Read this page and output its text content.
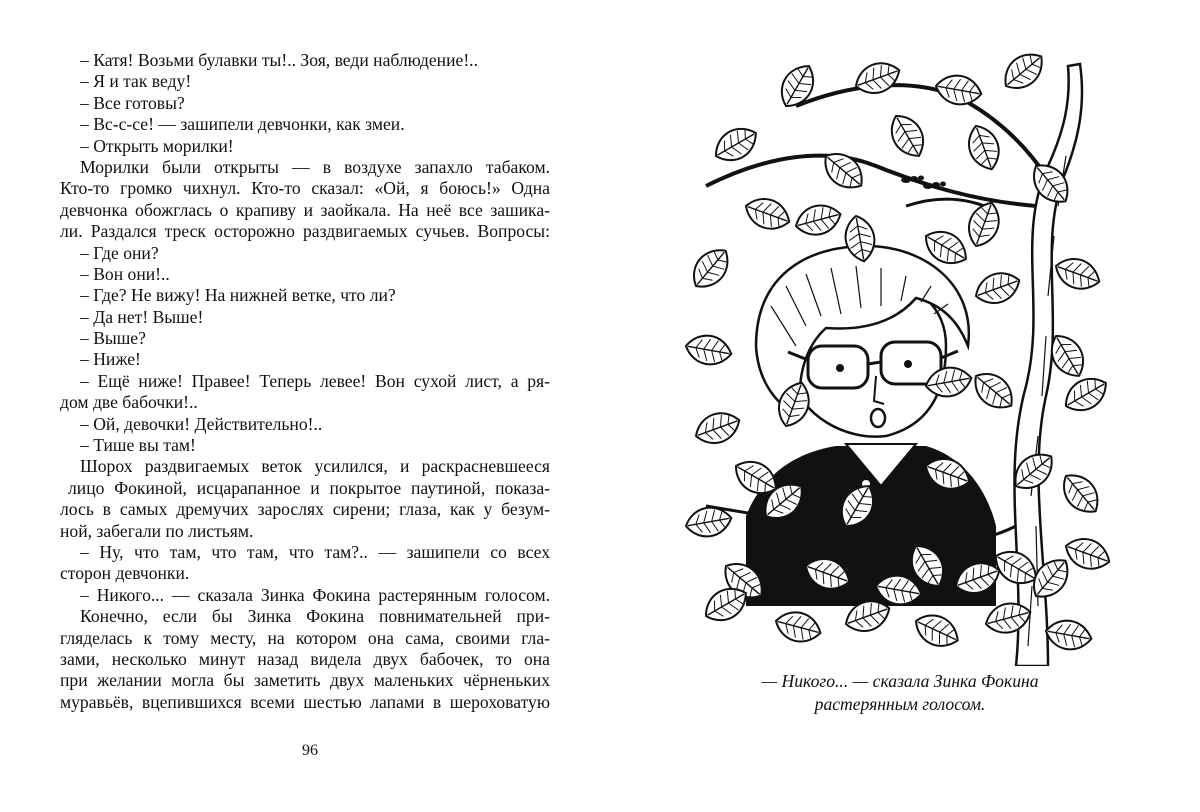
– Катя! Возьми булавки ты!.. Зоя, веди наблюдение!..
– Я и так веду!
– Все готовы?
– Вс-с-се! — зашипели девчонки, как змеи.
– Открыть морилки!
Морилки были открыты — в воздухе запахло табаком.
Кто-то громко чихнул. Кто-то сказал: «Ой, я боюсь!» Одна
девчонка обожглась о крапиву и заойкала. На неё все зашика-
ли. Раздался треск осторожно раздвигаемых сучьев. Вопросы:
– Где они?
– Вон они!..
– Где? Не вижу! На нижней ветке, что ли?
– Да нет! Выше!
– Выше?
– Ниже!
– Ещё ниже! Правее! Теперь левее! Вон сухой лист, а ря-
дом две бабочки!..
– Ой, девочки! Действительно!..
– Тише вы там!
Шорох раздвигаемых веток усилился, и раскрасневшееся
лицо Фокиной, исцарапанное и покрытое паутиной, показа-
лось в самых дремучих зарослях сирени; глаза, как у безум-
ной, забегали по листьям.
– Ну, что там, что там, что там?.. — зашипели со всех
сторон девчонки.
– Никого... — сказала Зинка Фокина растерянным голосом.
Конечно, если бы Зинка Фокина повнимательней при-
гляделась к тому месту, на котором она сама, своими гла-
зами, несколько минут назад видела двух бабочек, то она
при желании могла бы заметить двух маленьких чёрненьких
муравьёв, вцепившихся всеми шестью лапами в шероховатую
96
— Никого... — сказала Зинка Фокина
растерянным голосом.
